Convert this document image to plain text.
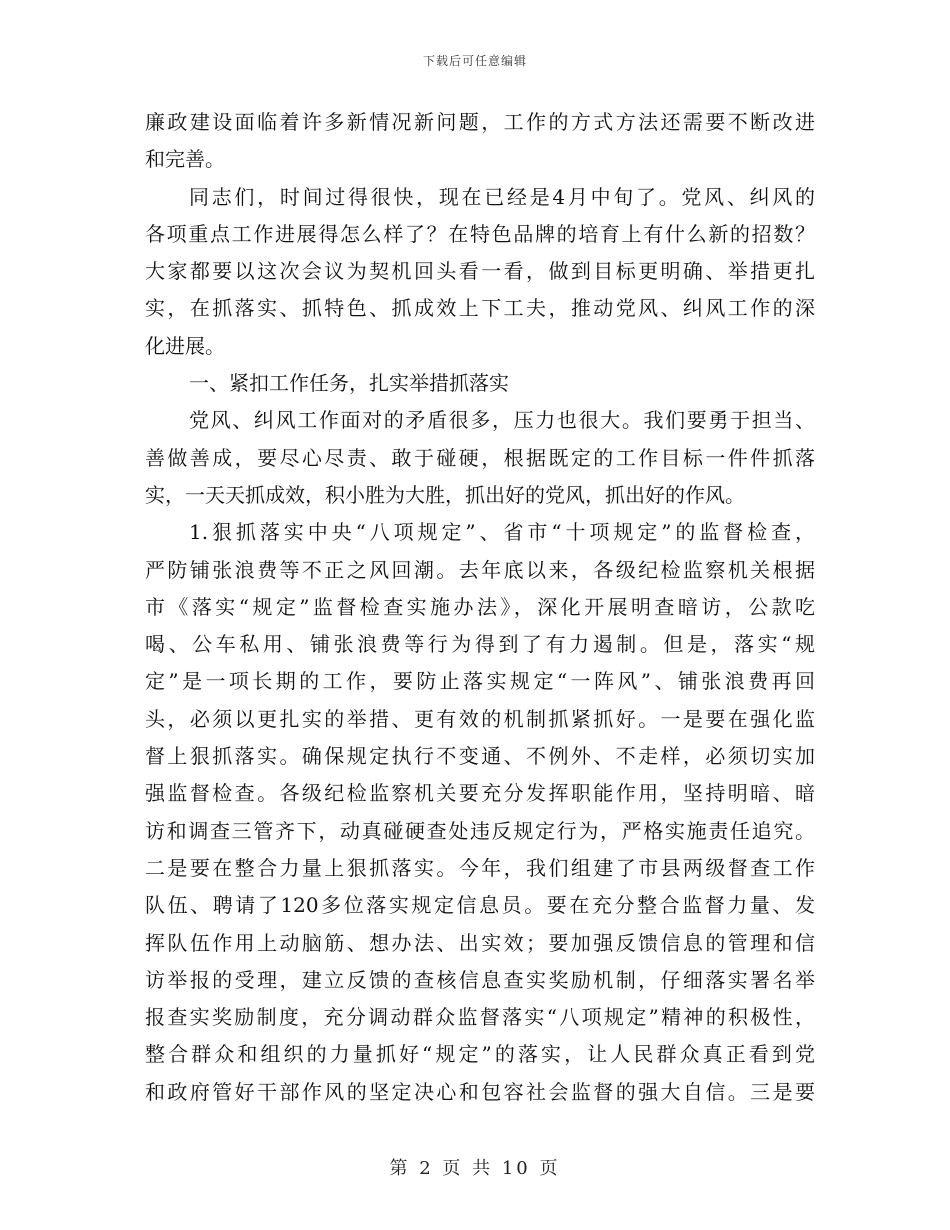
下载后可任意编辑
廉政建设面临着许多新情况新问题，工作的方式方法还需要不断改进
和完善。
同志们，时间过得很快，现在已经是4月中旬了。党风、纠风的
各项重点工作进展得怎么样了？在特色品牌的培育上有什么新的招数？
大家都要以这次会议为契机回头看一看，做到目标更明确、举措更扎
实，在抓落实、抓特色、抓成效上下工夫，推动党风、纠风工作的深
化进展。
一、紧扣工作任务，扎实举措抓落实
党风、纠风工作面对的矛盾很多，压力也很大。我们要勇于担当、
善做善成，要尽心尽责、敢于碰硬，根据既定的工作目标一件件抓落
实，一天天抓成效，积小胜为大胜，抓出好的党风，抓出好的作风。
1.狠抓落实中央“八项规定”、省市“十项规定”的监督检查，
严防铺张浪费等不正之风回潮。去年底以来，各级纪检监察机关根据
市《落实“规定”监督检查实施办法》，深化开展明查暗访，公款吃
喝、公车私用、铺张浪费等行为得到了有力遏制。但是，落实“规
定”是一项长期的工作，要防止落实规定“一阵风”、铺张浪费再回
头，必须以更扎实的举措、更有效的机制抓紧抓好。一是要在强化监
督上狠抓落实。确保规定执行不变通、不例外、不走样，必须切实加
强监督检查。各级纪检监察机关要充分发挥职能作用，坚持明暗、暗
访和调查三管齐下，动真碰硬查处违反规定行为，严格实施责任追究。
二是要在整合力量上狠抓落实。今年，我们组建了市县两级督查工作
队伍、聘请了120多位落实规定信息员。要在充分整合监督力量、发
挥队伍作用上动脑筋、想办法、出实效；要加强反馈信息的管理和信
访举报的受理，建立反馈的查核信息查实奖励机制，仔细落实署名举
报查实奖励制度，充分调动群众监督落实“八项规定”精神的积极性，
整合群众和组织的力量抓好“规定”的落实，让人民群众真正看到党
和政府管好干部作风的坚定决心和包容社会监督的强大自信。三是要
第 2 页 共 10 页
